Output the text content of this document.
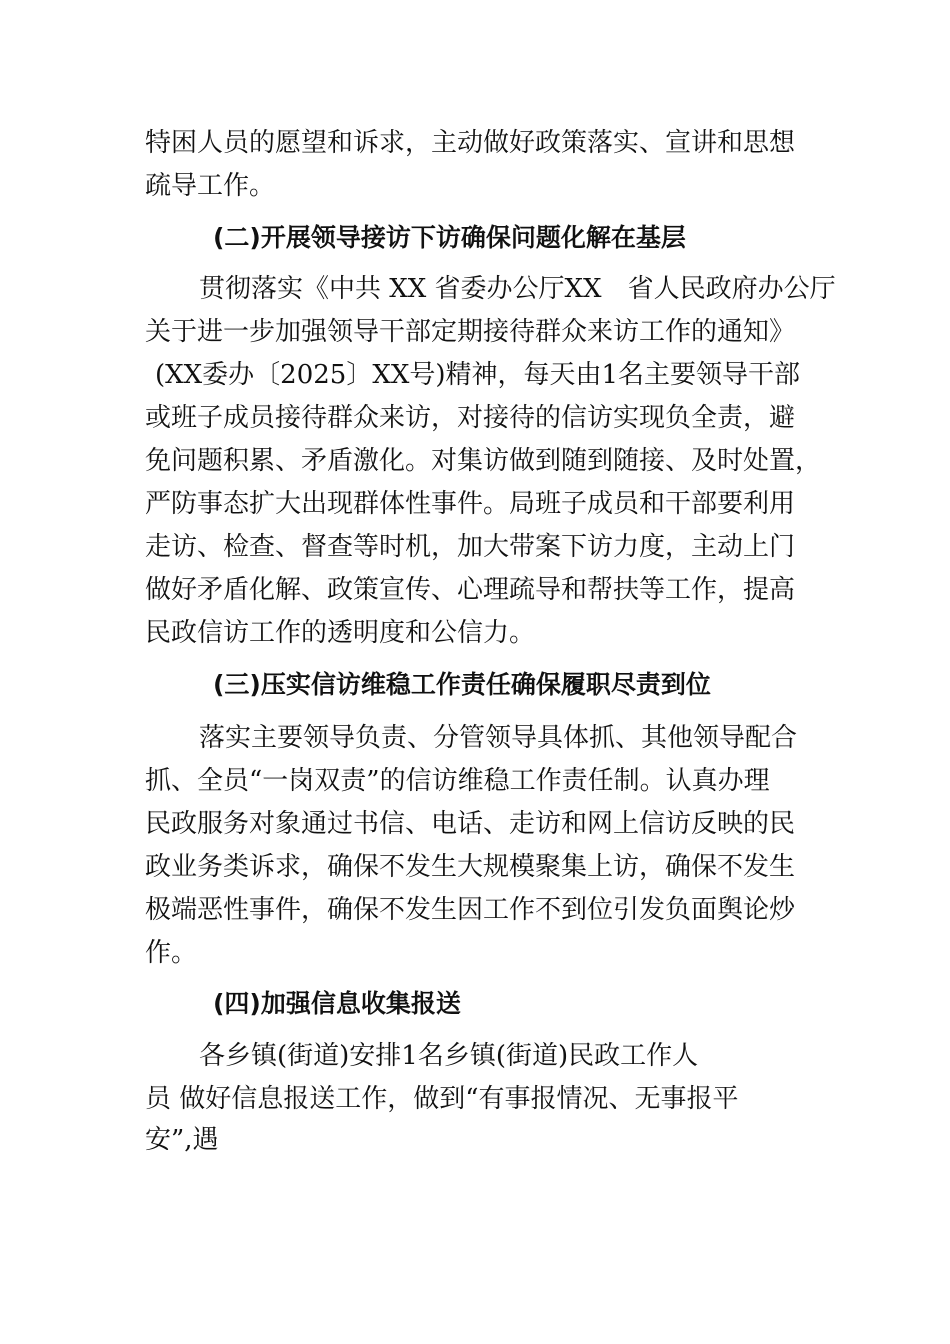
特困人员的愿望和诉求，主动做好政策落实、宣讲和思想
疏导工作。
(二)开展领导接访下访确保问题化解在基层
贯彻落实《中共 XX 省委办公厅XX　省人民政府办公厅
关于进一步加强领导干部定期接待群众来访工作的通知》
(XX委办〔2025〕XX号)精神，每天由1名主要领导干部
或班子成员接待群众来访，对接待的信访实现负全责，避
免问题积累、矛盾激化。对集访做到随到随接、及时处置，
严防事态扩大出现群体性事件。局班子成员和干部要利用
走访、检查、督查等时机，加大带案下访力度，主动上门
做好矛盾化解、政策宣传、心理疏导和帮扶等工作，提高
民政信访工作的透明度和公信力。
(三)压实信访维稳工作责任确保履职尽责到位
落实主要领导负责、分管领导具体抓、其他领导配合
抓、全员“一岗双责”的信访维稳工作责任制。认真办理
民政服务对象通过书信、电话、走访和网上信访反映的民
政业务类诉求，确保不发生大规模聚集上访，确保不发生
极端恶性事件，确保不发生因工作不到位引发负面舆论炒
作。
(四)加强信息收集报送
各乡镇(街道)安排1名乡镇(街道)民政工作人
员 做好信息报送工作，做到“有事报情况、无事报平
安”,遇
